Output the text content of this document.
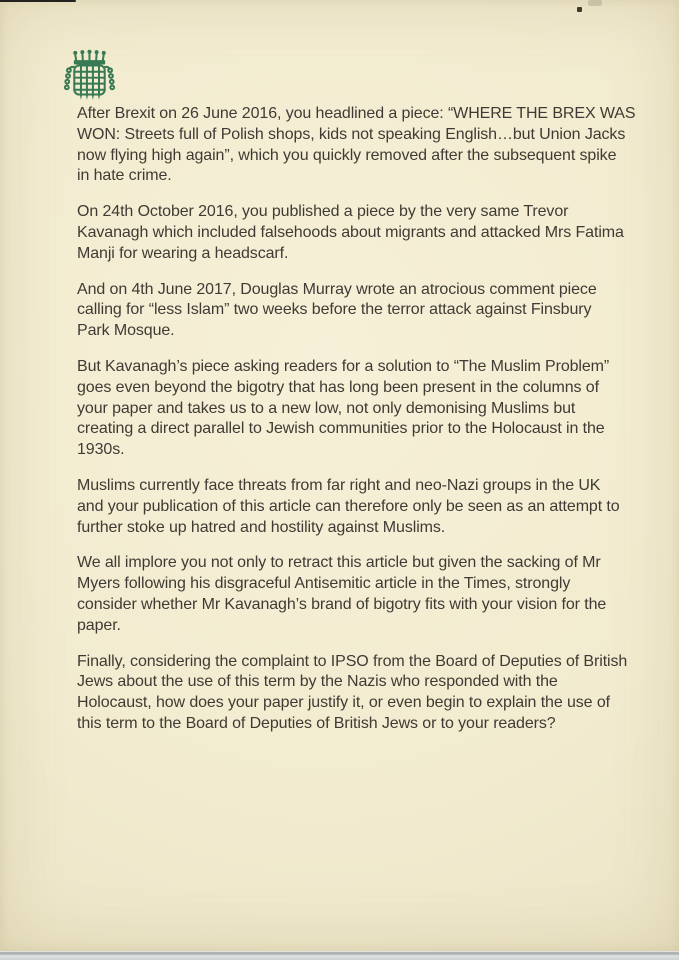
After Brexit on 26 June 2016, you headlined a piece: “WHERE THE BREX WAS
WON: Streets full of Polish shops, kids not speaking English…but Union Jacks
now flying high again”, which you quickly removed after the subsequent spike
in hate crime.

On 24th October 2016, you published a piece by the very same Trevor
Kavanagh which included falsehoods about migrants and attacked Mrs Fatima
Manji for wearing a headscarf.

And on 4th June 2017, Douglas Murray wrote an atrocious comment piece
calling for “less Islam” two weeks before the terror attack against Finsbury
Park Mosque.

But Kavanagh’s piece asking readers for a solution to “The Muslim Problem”
goes even beyond the bigotry that has long been present in the columns of
your paper and takes us to a new low, not only demonising Muslims but
creating a direct parallel to Jewish communities prior to the Holocaust in the
1930s.

Muslims currently face threats from far right and neo-Nazi groups in the UK
and your publication of this article can therefore only be seen as an attempt to
further stoke up hatred and hostility against Muslims.

We all implore you not only to retract this article but given the sacking of Mr
Myers following his disgraceful Antisemitic article in the Times, strongly
consider whether Mr Kavanagh’s brand of bigotry fits with your vision for the
paper.

Finally, considering the complaint to IPSO from the Board of Deputies of British
Jews about the use of this term by the Nazis who responded with the
Holocaust, how does your paper justify it, or even begin to explain the use of
this term to the Board of Deputies of British Jews or to your readers?
